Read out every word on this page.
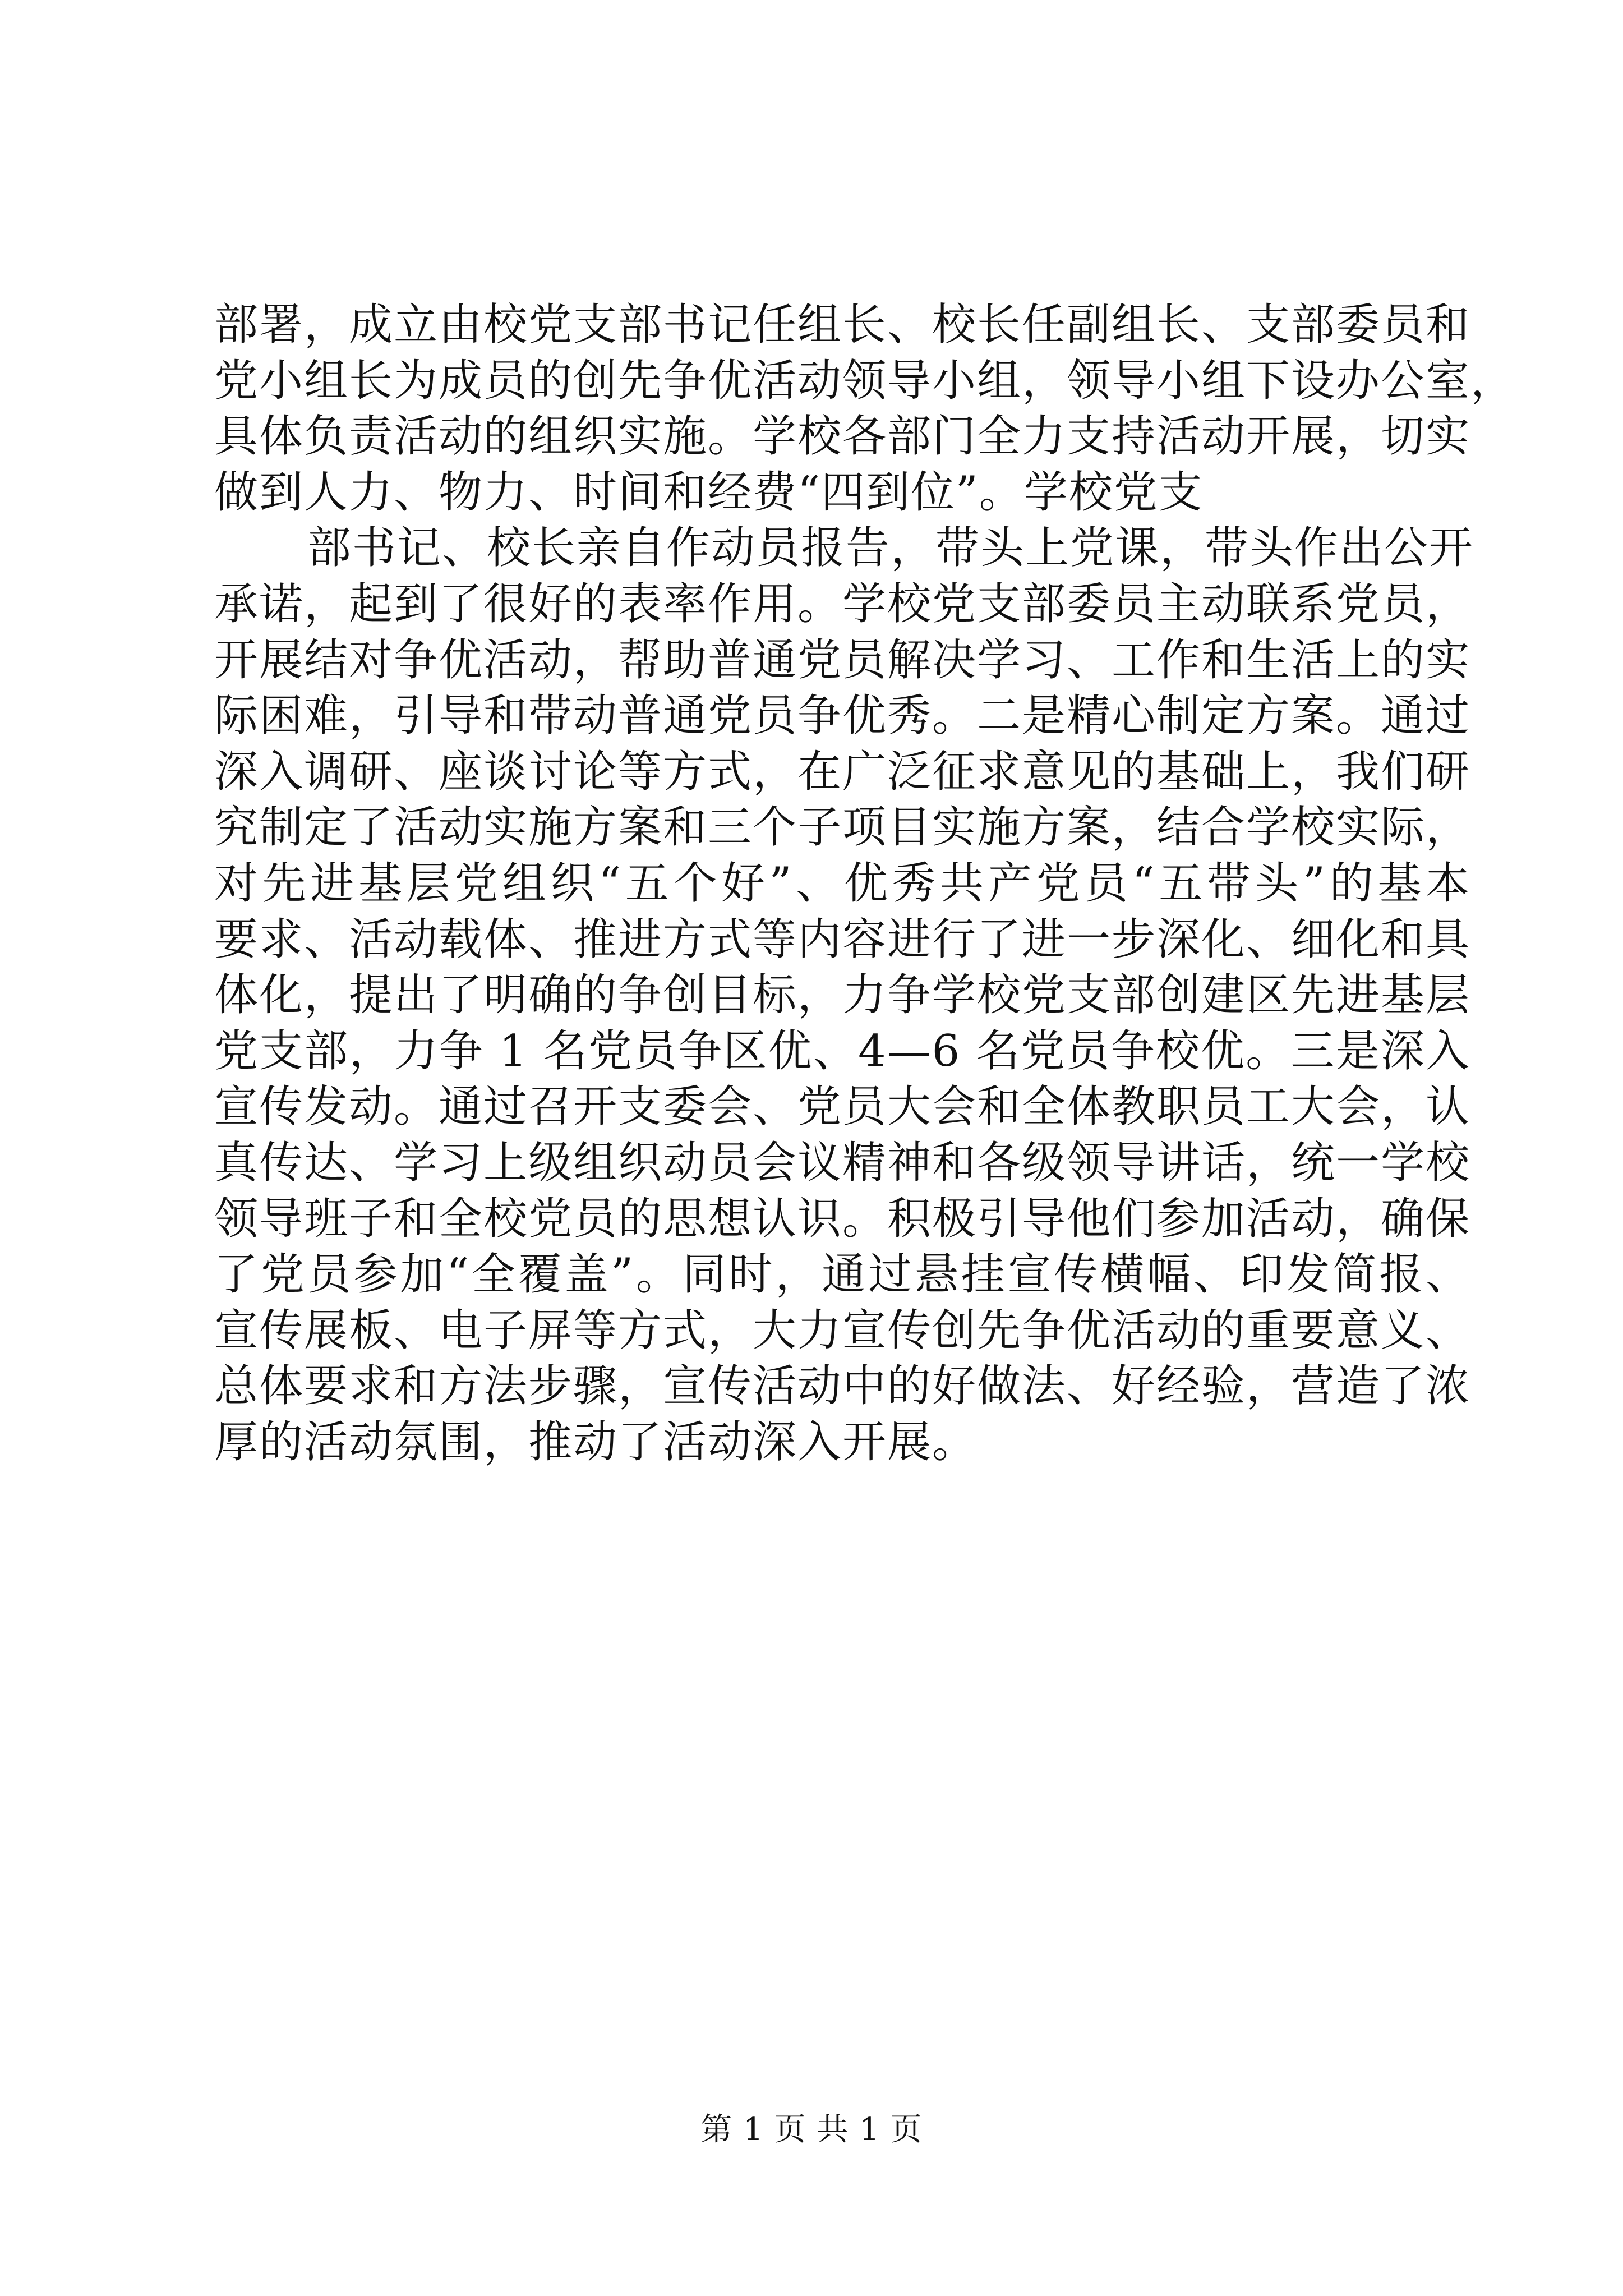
部署，成立由校党支部书记任组长、校长任副组长、支部委员和
党小组长为成员的创先争优活动领导小组，领导小组下设办公室，
具体负责活动的组织实施。学校各部门全力支持活动开展，切实
做到人力、物力、时间和经费“四到位”。学校党支
部书记、校长亲自作动员报告，带头上党课，带头作出公开
承诺，起到了很好的表率作用。学校党支部委员主动联系党员，
开展结对争优活动，帮助普通党员解决学习、工作和生活上的实
际困难，引导和带动普通党员争优秀。二是精心制定方案。通过
深入调研、座谈讨论等方式，在广泛征求意见的基础上，我们研
究制定了活动实施方案和三个子项目实施方案，结合学校实际，
对先进基层党组织“五个好”、优秀共产党员“五带头”的基本
要求、活动载体、推进方式等内容进行了进一步深化、细化和具
体化，提出了明确的争创目标，力争学校党支部创建区先进基层
党支部，力争 1 名党员争区优、4—6 名党员争校优。三是深入
宣传发动。通过召开支委会、党员大会和全体教职员工大会，认
真传达、学习上级组织动员会议精神和各级领导讲话，统一学校
领导班子和全校党员的思想认识。积极引导他们参加活动，确保
了党员参加“全覆盖”。同时，通过悬挂宣传横幅、印发简报、
宣传展板、电子屏等方式，大力宣传创先争优活动的重要意义、
总体要求和方法步骤，宣传活动中的好做法、好经验，营造了浓
厚的活动氛围，推动了活动深入开展。
第 1 页 共 1 页
